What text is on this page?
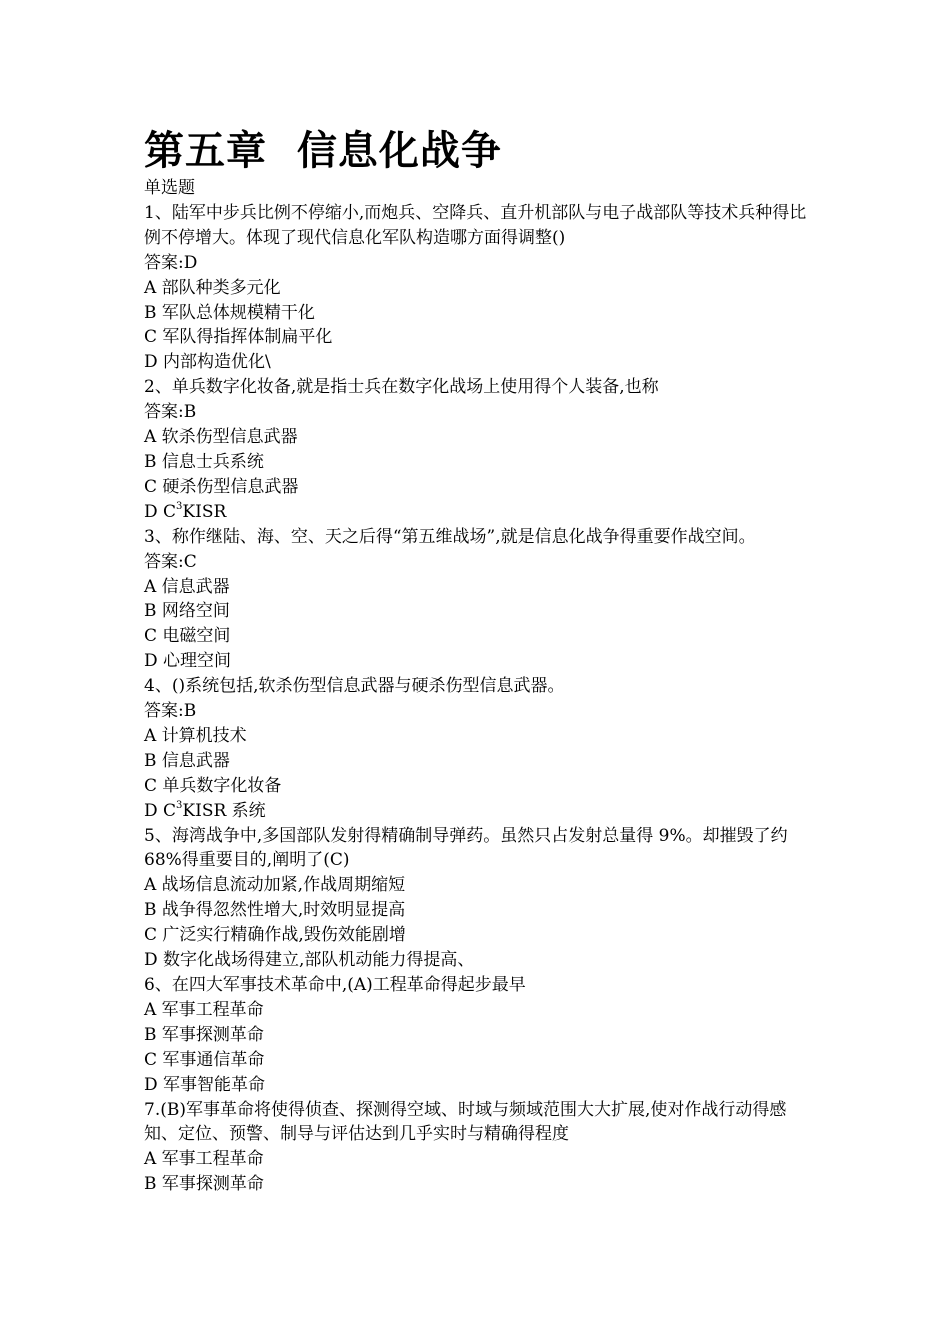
第五章  信息化战争

单选题

1、陆军中步兵比例不停缩小,而炮兵、空降兵、直升机部队与电子战部队等技术兵种得比例不停增大。体现了现代信息化军队构造哪方面得调整()

答案:D

A 部队种类多元化

B 军队总体规模精干化

C 军队得指挥体制扁平化

D 内部构造优化\

2、单兵数字化妆备,就是指士兵在数字化战场上使用得个人装备,也称

答案:B

A 软杀伤型信息武器

B 信息士兵系统

C 硬杀伤型信息武器

D $C^3KISR$

3、称作继陆、海、空、天之后得“第五维战场”,就是信息化战争得重要作战空间。

答案:C

A 信息武器

B 网络空间

C 电磁空间

D 心理空间

4、()系统包括,软杀伤型信息武器与硬杀伤型信息武器。

答案:B

A 计算机技术

B 信息武器

C 单兵数字化妆备

D $C^3KISR$ 系统

5、海湾战争中,多国部队发射得精确制导弹药。虽然只占发射总量得 9%。却摧毁了约 68%得重要目的,阐明了(C)

A 战场信息流动加紧,作战周期缩短

B 战争得忽然性增大,时效明显提高

C 广泛实行精确作战,毁伤效能剧增

D 数字化战场得建立,部队机动能力得提高、

6、在四大军事技术革命中,(A)工程革命得起步最早

A 军事工程革命

B 军事探测革命

C 军事通信革命

D 军事智能革命

7.(B)军事革命将使得侦查、探测得空域、时域与频域范围大大扩展,使对作战行动得感知、定位、预警、制导与评估达到几乎实时与精确得程度

A 军事工程革命

B 军事探测革命
